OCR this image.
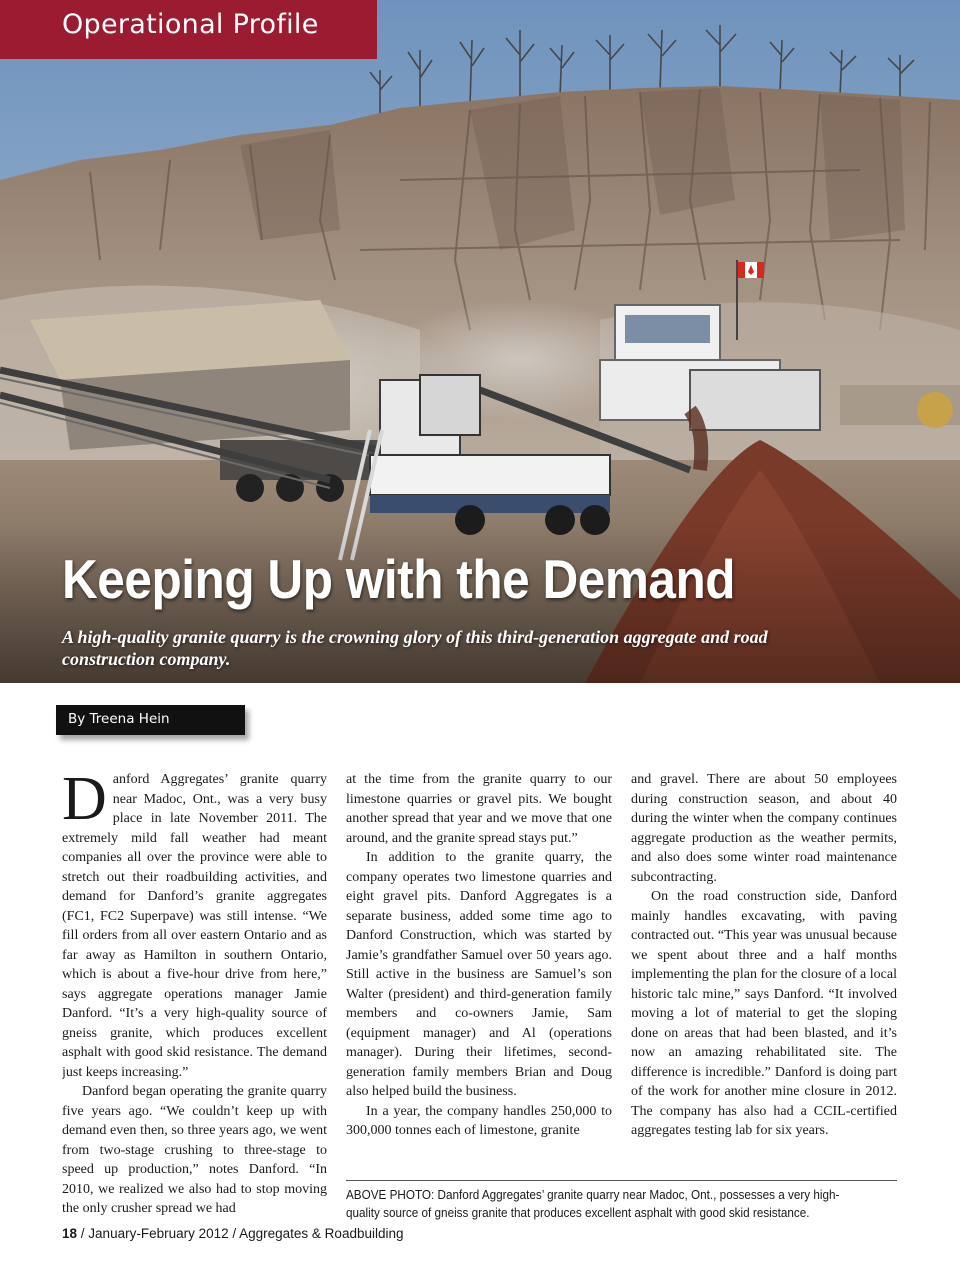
Operational Profile
Keeping Up with the Demand

A high-quality granite quarry is the crowning glory of this third-generation aggregate and road construction company.

By Treena Hein

Danford Aggregates’ granite quarry near Madoc, Ont., was a very busy place in late November 2011. The extremely mild fall weather had meant companies all over the province were able to stretch out their roadbuilding activities, and demand for Danford’s granite aggregates (FC1, FC2 Superpave) was still intense. “We fill orders from all over eastern Ontario and as far away as Hamilton in southern Ontario, which is about a five-hour drive from here,” says aggregate operations manager Jamie Danford. “It’s a very high-quality source of gneiss granite, which produces excellent asphalt with good skid resistance. The demand just keeps increasing.”

Danford began operating the granite quarry five years ago. “We couldn’t keep up with demand even then, so three years ago, we went from two-stage crushing to three-stage to speed up production,” notes Danford. “In 2010, we realized we also had to stop moving the only crusher spread we had

at the time from the granite quarry to our limestone quarries or gravel pits. We bought another spread that year and we move that one around, and the granite spread stays put.”

In addition to the granite quarry, the company operates two limestone quarries and eight gravel pits. Danford Aggregates is a separate business, added some time ago to Danford Construction, which was started by Jamie’s grandfather Samuel over 50 years ago. Still active in the business are Samuel’s son Walter (president) and third-generation family members and co-owners Jamie, Sam (equipment manager) and Al (operations manager). During their lifetimes, second-generation family members Brian and Doug also helped build the business.

In a year, the company handles 250,000 to 300,000 tonnes each of limestone, granite

and gravel. There are about 50 employees during construction season, and about 40 during the winter when the company continues aggregate production as the weather permits, and also does some winter road maintenance subcontracting.

On the road construction side, Danford mainly handles excavating, with paving contracted out. “This year was unusual because we spent about three and a half months implementing the plan for the closure of a local historic talc mine,” says Danford. “It involved moving a lot of material to get the sloping done on areas that had been blasted, and it’s now an amazing rehabilitated site. The difference is incredible.” Danford is doing part of the work for another mine closure in 2012. The company has also had a CCIL-certified aggregates testing lab for six years.

ABOVE PHOTO: Danford Aggregates’ granite quarry near Madoc, Ont., possesses a very high-quality source of gneiss granite that produces excellent asphalt with good skid resistance.

18 / January-February 2012 / Aggregates & Roadbuilding
